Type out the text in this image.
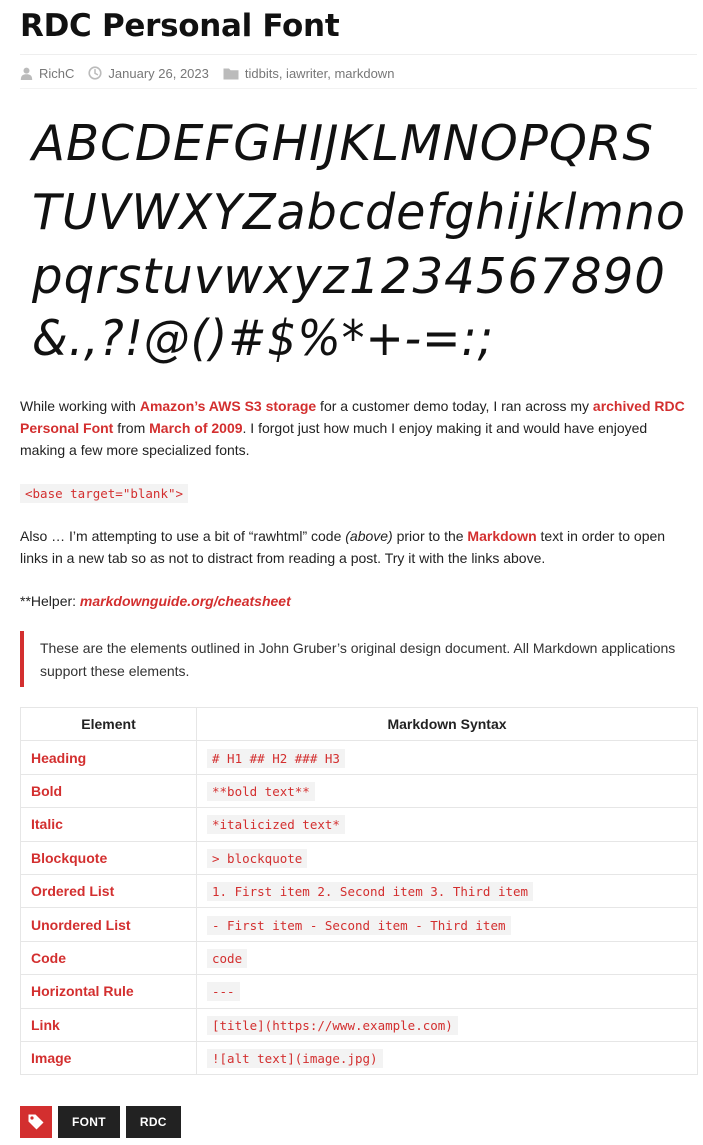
RDC Personal Font
RichC	January 26, 2023	tidbits, iawriter, markdown
ABCDEFGHIJKLMNOPQRS
TUVWXYZabcdefghijklmno
pqrstuvwxyz1234567890
&.,?!@()#$%*+-=:;

While working with Amazon’s AWS S3 storage for a customer demo today, I ran across my archived RDC Personal Font from March of 2009. I forgot just how much I enjoy making it and would have enjoyed making a few more specialized fonts.

<base target="blank">

Also … I’m attempting to use a bit of “rawhtml” code (above) prior to the Markdown text in order to open links in a new tab so as not to distract from reading a post. Try it with the links above.

**Helper: markdownguide.org/cheatsheet

These are the elements outlined in John Gruber’s original design document. All Markdown applications support these elements.
Element	Markdown Syntax
Heading	# H1 ## H2 ### H3
Bold	**bold text**
Italic	*italicized text*
Blockquote	> blockquote
Ordered List	1. First item 2. Second item 3. Third item
Unordered List	- First item - Second item - Third item
Code	code
Horizontal Rule	---
Link	[title](https://www.example.com)
Image	![alt text](image.jpg)
FONT	RDC
